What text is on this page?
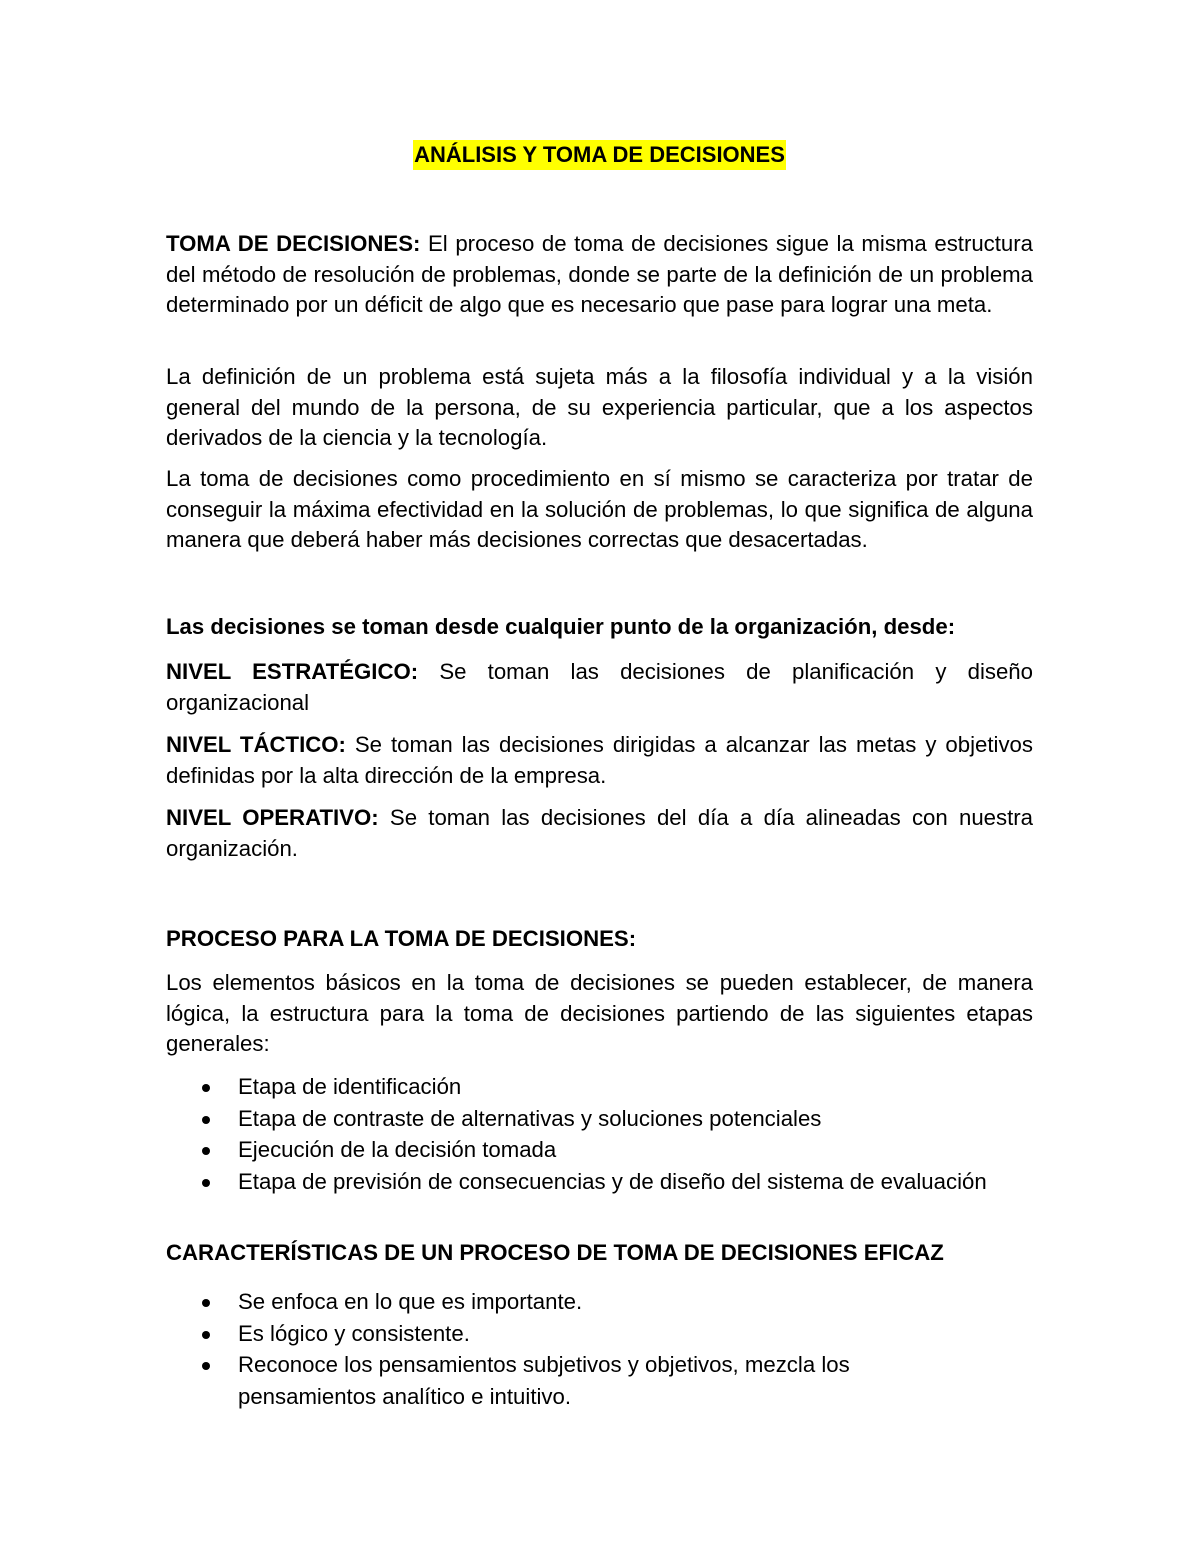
ANÁLISIS Y TOMA DE DECISIONES

TOMA DE DECISIONES: El proceso de toma de decisiones sigue la misma estructura del método de resolución de problemas, donde se parte de la definición de un problema determinado por un déficit de algo que es necesario que pase para lograr una meta.

La definición de un problema está sujeta más a la filosofía individual y a la visión general del mundo de la persona, de su experiencia particular, que a los aspectos derivados de la ciencia y la tecnología.

La toma de decisiones como procedimiento en sí mismo se caracteriza por tratar de conseguir la máxima efectividad en la solución de problemas, lo que significa de alguna manera que deberá haber más decisiones correctas que desacertadas.

Las decisiones se toman desde cualquier punto de la organización, desde:

NIVEL ESTRATÉGICO: Se toman las decisiones de planificación y diseño organizacional

NIVEL TÁCTICO: Se toman las decisiones dirigidas a alcanzar las metas y objetivos definidas por la alta dirección de la empresa.

NIVEL OPERATIVO: Se toman las decisiones del día a día alineadas con nuestra organización.

PROCESO PARA LA TOMA DE DECISIONES:

Los elementos básicos en la toma de decisiones se pueden establecer, de manera lógica, la estructura para la toma de decisiones partiendo de las siguientes etapas generales:

Etapa de identificación
Etapa de contraste de alternativas y soluciones potenciales
Ejecución de la decisión tomada
Etapa de previsión de consecuencias y de diseño del sistema de evaluación

CARACTERÍSTICAS DE UN PROCESO DE TOMA DE DECISIONES EFICAZ

Se enfoca en lo que es importante.
Es lógico y consistente.
Reconoce los pensamientos subjetivos y objetivos, mezcla los pensamientos analítico e intuitivo.
